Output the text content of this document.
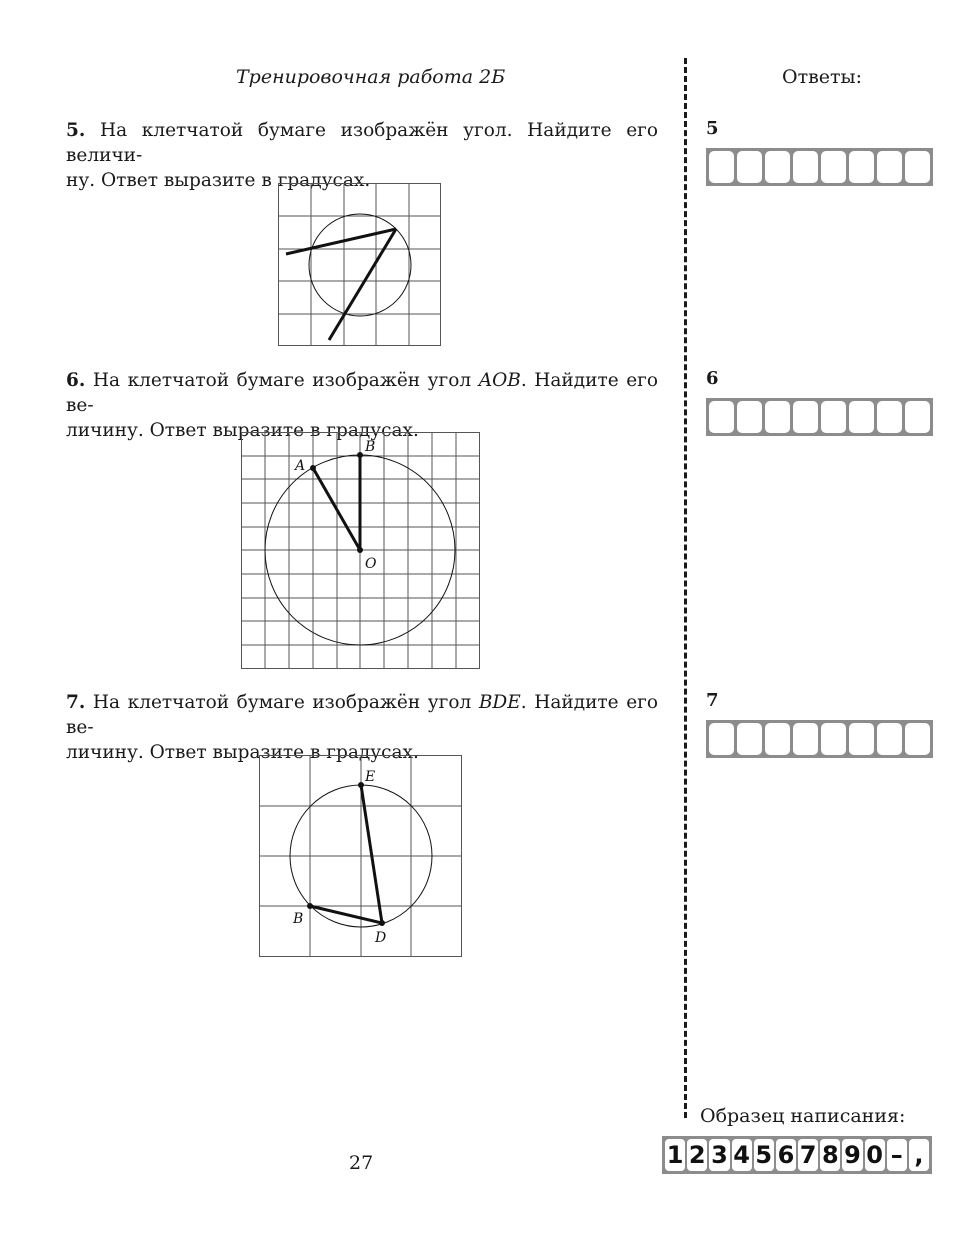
Тренировочная работа 2Б	Ответы:
5. На клетчатой бумаге изображён угол. Найдите его величи-
ну. Ответ выразите в градусах.
5
6. На клетчатой бумаге изображён угол AOB. Найдите его ве-
личину. Ответ выразите в градусах.
A
B
O
6
7. На клетчатой бумаге изображён угол BDE. Найдите его ве-
личину. Ответ выразите в градусах.
E
B
D
7
Образец написания:
1 2 3 4 5 6 7 8 9 0 – ,
27
